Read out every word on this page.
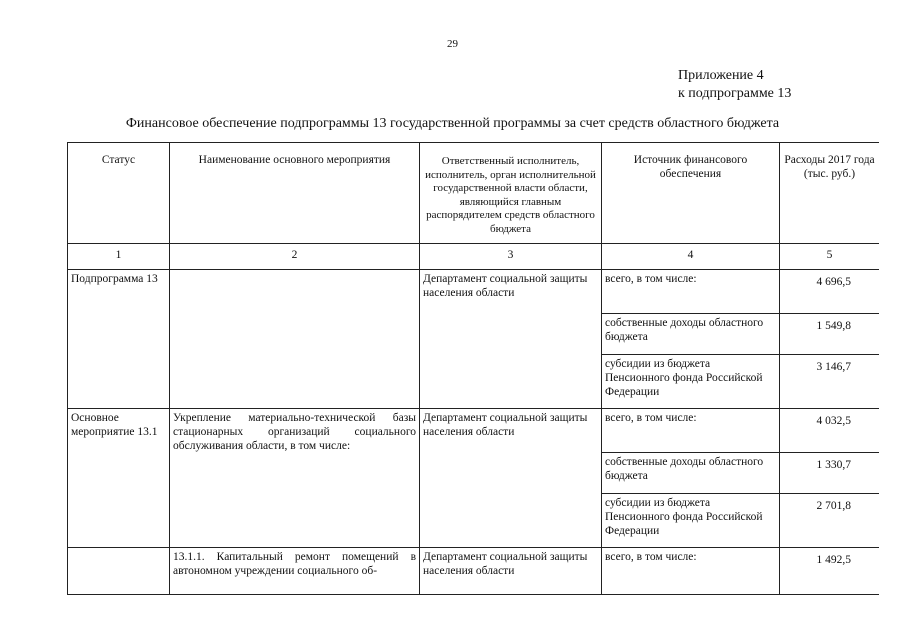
29
Приложение 4
к подпрограмме 13
Финансовое обеспечение подпрограммы 13 государственной программы за счет средств областного бюджета
Статус	Наименование основного мероприятия	Ответственный исполнитель, исполнитель, орган исполнительной государственной власти области, являющийся главным распорядителем средств областного бюджета	Источник финансового обеспечения	Расходы 2017 года (тыс. руб.)
1	2	3	4	5
Подпрограмма 13		Департамент социальной защиты населения области	всего, в том числе:	4 696,5
			собственные доходы областного бюджета	1 549,8
			субсидии из бюджета Пенсионного фонда Российской Федерации	3 146,7
Основное мероприятие 13.1	Укрепление материально-технической базы стационарных организаций социального обслуживания области, в том числе:	Департамент социальной защиты населения области	всего, в том числе:	4 032,5
			собственные доходы областного бюджета	1 330,7
			субсидии из бюджета Пенсионного фонда Российской Федерации	2 701,8
	13.1.1. Капитальный ремонт помещений в автономном учреждении социального об-	Департамент социальной защиты населения области	всего, в том числе:	1 492,5
